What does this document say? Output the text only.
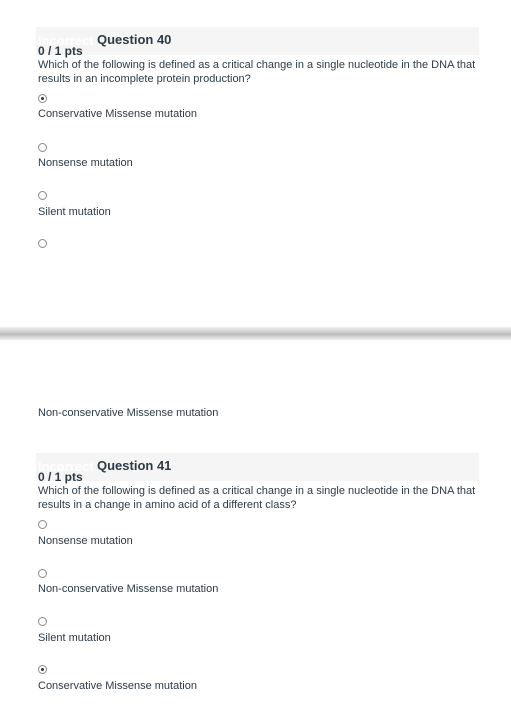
Incorrect Question 40
0 / 1 pts
Which of the following is defined as a critical change in a single nucleotide in the DNA that results in an incomplete protein production?
Conservative Missense mutation
Nonsense mutation
Silent mutation
Non-conservative Missense mutation
Incorrect Question 41
0 / 1 pts
Which of the following is defined as a critical change in a single nucleotide in the DNA that results in a change in amino acid of a different class?
Nonsense mutation
Non-conservative Missense mutation
Silent mutation
Conservative Missense mutation
